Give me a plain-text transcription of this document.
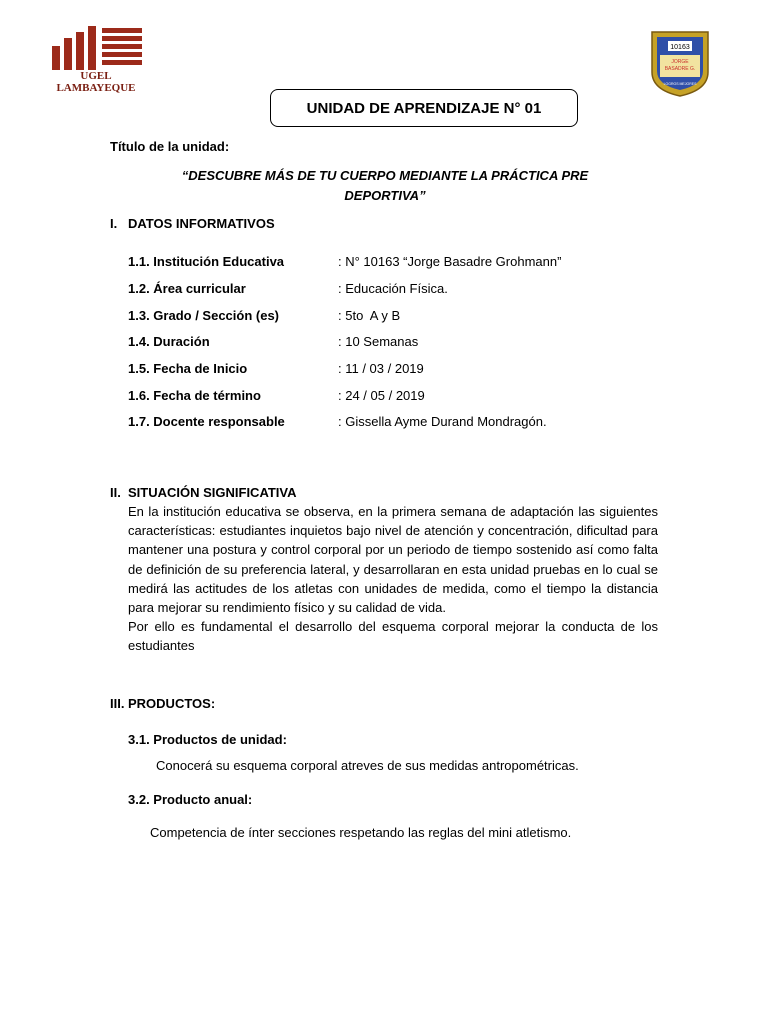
UGEL
LAMBAYEQUE
10163
JORGE
BASADRE G.
LOGROS MEJORES
UNIDAD DE APRENDIZAJE N° 01
Título de la unidad:
“DESCUBRE MÁS DE TU CUERPO MEDIANTE LA PRÁCTICA PRE
DEPORTIVA”
I. DATOS INFORMATIVOS
1.1. Institución Educativa	: N° 10163 “Jorge Basadre Grohmann”
1.2. Área curricular	: Educación Física.
1.3. Grado / Sección (es)	: 5to  A y B
1.4. Duración	: 10 Semanas
1.5. Fecha de Inicio	: 11 / 03 / 2019
1.6. Fecha de término	: 24 / 05 / 2019
1.7. Docente responsable	: Gissella Ayme Durand Mondragón.
II. SITUACIÓN SIGNIFICATIVA

En la institución educativa se observa, en la primera semana de adaptación las siguientes características: estudiantes inquietos bajo nivel de atención y concentración, dificultad para mantener una postura y control corporal por un periodo de tiempo sostenido así como falta de definición de su preferencia lateral, y desarrollaran en esta unidad pruebas en lo cual se medirá las actitudes de los atletas con unidades de medida, como el tiempo la distancia para mejorar su rendimiento físico y su calidad de vida.

Por ello es fundamental el desarrollo del esquema corporal mejorar la conducta de los estudiantes

III. PRODUCTOS:
3.1. Productos de unidad:
Conocerá su esquema corporal atreves de sus medidas antropométricas.
3.2. Producto anual:
Competencia de ínter secciones respetando las reglas del mini atletismo.
